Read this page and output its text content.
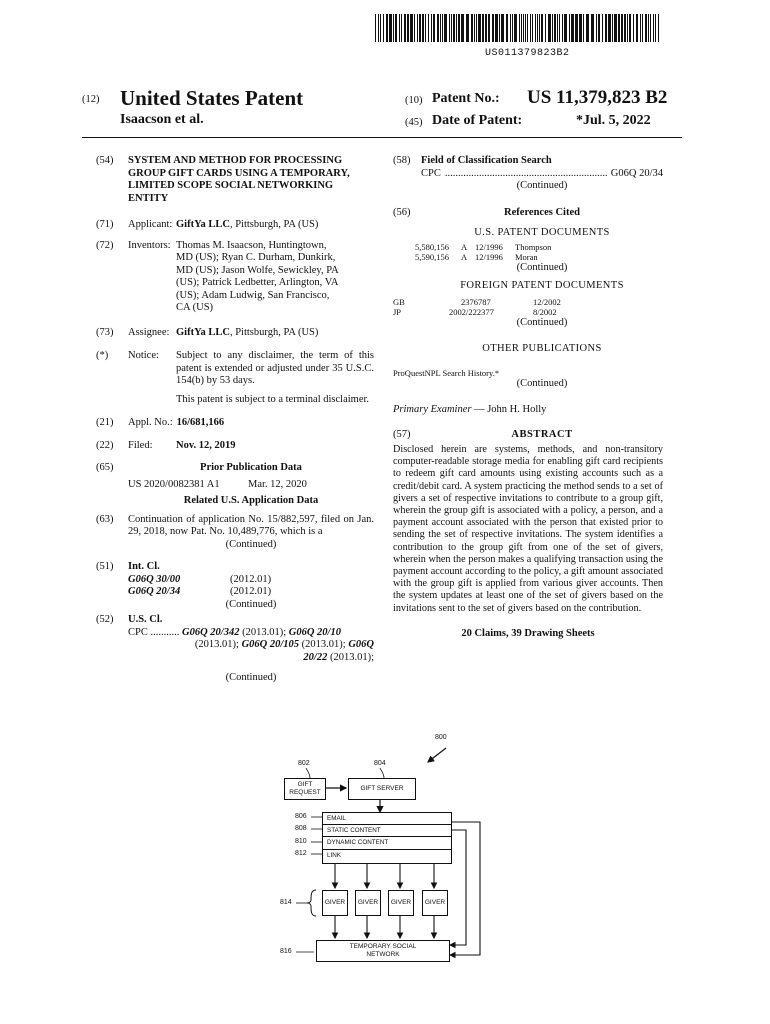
US011379823B2
(12) United States Patent
Isaacson et al.
(10) Patent No.: US 11,379,823 B2
(45) Date of Patent:	*Jul. 5, 2022
(54)	SYSTEM AND METHOD FOR PROCESSING GROUP GIFT CARDS USING A TEMPORARY, LIMITED SCOPE SOCIAL NETWORKING ENTITY
(71)	Applicant: GiftYa LLC, Pittsburgh, PA (US)
(72)	Inventors: Thomas M. Isaacson, Huntingtown,
MD (US); Ryan C. Durham, Dunkirk,
MD (US); Jason Wolfe, Sewickley, PA
(US); Patrick Ledbetter, Arlington, VA
(US); Adam Ludwig, San Francisco,
CA (US)
(73)	Assignee: GiftYa LLC, Pittsburgh, PA (US)
(*)	Notice:	Subject to any disclaimer, the term of this patent is extended or adjusted under 35 U.S.C. 154(b) by 53 days.
This patent is subject to a terminal disclaimer.
(21)	Appl. No.: 16/681,166
(22)	Filed:	Nov. 12, 2019
(65)	Prior Publication Data
US 2020/0082381 A1	Mar. 12, 2020
Related U.S. Application Data
(63)	Continuation of application No. 15/882,597, filed on Jan. 29, 2018, now Pat. No. 10,489,776, which is a
(Continued)
(51)	Int. Cl.
G06Q 30/00	(2012.01)
G06Q 20/34	(2012.01)
(Continued)
(52)	U.S. Cl.
CPC ........... G06Q 20/342 (2013.01); G06Q 20/10
(2013.01); G06Q 20/105 (2013.01); G06Q
20/22 (2013.01);
(Continued)
(58)	Field of Classification Search
CPC .............................................................. G06Q 20/34
(Continued)
(56)	References Cited
U.S. PATENT DOCUMENTS
5,580,156	A 12/1996	Thompson
5,590,156	A 12/1996	Moran
(Continued)
FOREIGN PATENT DOCUMENTS
GB	2376787	12/2002
JP	2002/222377	8/2002
(Continued)
OTHER PUBLICATIONS
ProQuestNPL Search History.*
(Continued)
Primary Examiner — John H. Holly
(57)	ABSTRACT
Disclosed herein are systems, methods, and non-transitory computer-readable storage media for enabling gift card recipients to redeem gift card amounts using existing accounts such as a credit/debit card. A system practicing the method sends to a set of givers a set of respective invitations to contribute to a group gift, wherein the group gift is associated with a policy, a person, and a payment account associated with the person that existed prior to sending the set of respective invitations. The system identifies a contribution to the group gift from one of the set of givers, wherein when the person makes a qualifying transaction using the payment account according to the policy, a gift amount associated with the group gift is applied from various giver accounts. Then the system updates at least one of the set of givers based on the invitations sent to the set of givers based on the contribution.
20 Claims, 39 Drawing Sheets
800
802	804
GIFT REQUEST
GIFT SERVER
EMAIL
STATIC CONTENT
DYNAMIC CONTENT
LINK
806
808
810
812
GIVER	GIVER	GIVER	GIVER
814
TEMPORARY SOCIAL NETWORK
816
